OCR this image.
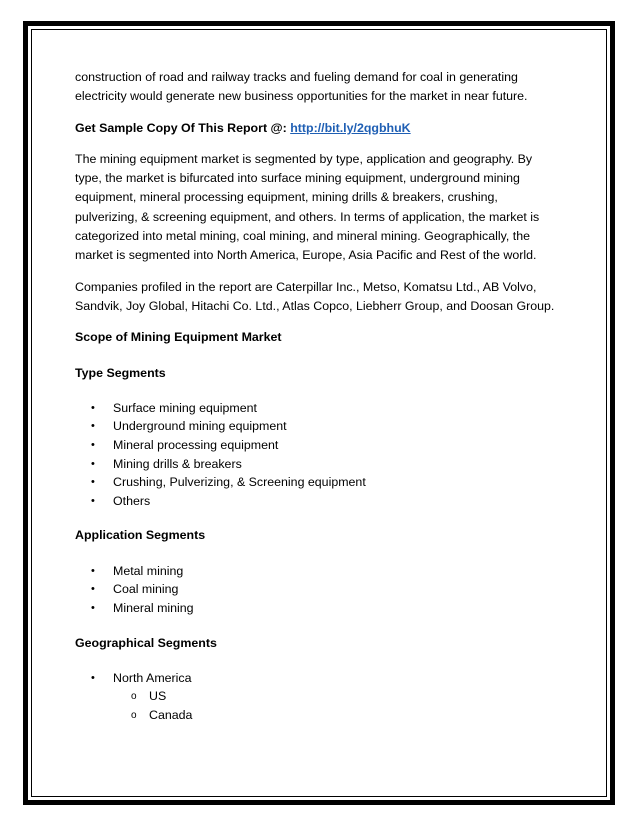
construction of road and railway tracks and fueling demand for coal in generating
electricity would generate new business opportunities for the market in near future.

Get Sample Copy Of This Report @: http://bit.ly/2qgbhuK

The mining equipment market is segmented by type, application and geography. By
type, the market is bifurcated into surface mining equipment, underground mining
equipment, mineral processing equipment, mining drills & breakers, crushing,
pulverizing, & screening equipment, and others. In terms of application, the market is
categorized into metal mining, coal mining, and mineral mining. Geographically, the
market is segmented into North America, Europe, Asia Pacific and Rest of the world.

Companies profiled in the report are Caterpillar Inc., Metso, Komatsu Ltd., AB Volvo,
Sandvik, Joy Global, Hitachi Co. Ltd., Atlas Copco, Liebherr Group, and Doosan Group.

Scope of Mining Equipment Market
Type Segments
• Surface mining equipment
• Underground mining equipment
• Mineral processing equipment
• Mining drills & breakers
• Crushing, Pulverizing, & Screening equipment
• Others
Application Segments
• Metal mining
• Coal mining
• Mineral mining
Geographical Segments
• North America
o US
o Canada
